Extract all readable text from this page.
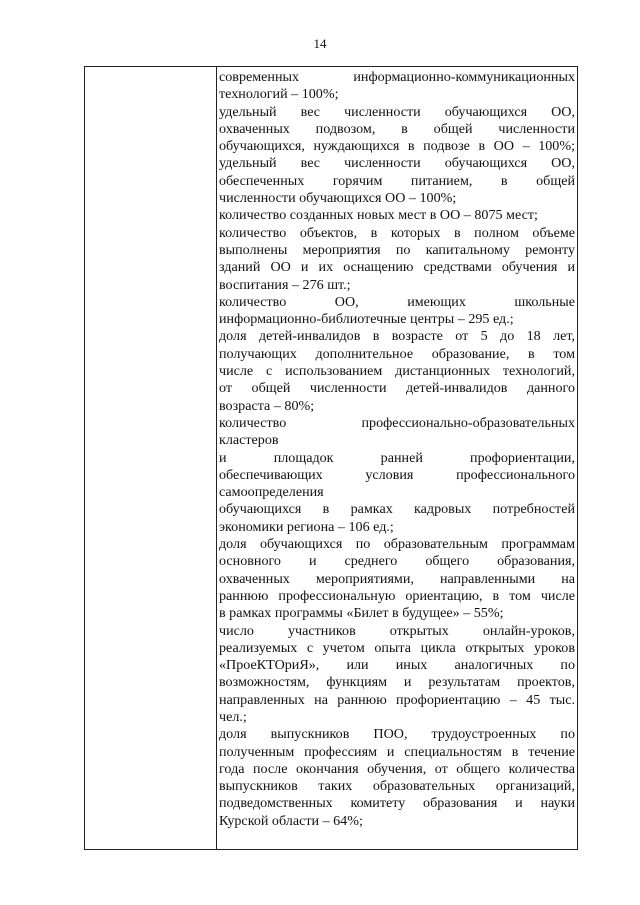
14
современных информационно-коммуникационных
технологий – 100%;
удельный вес численности обучающихся ОО,
охваченных подвозом, в общей численности
обучающихся, нуждающихся в подвозе в ОО – 100%;
удельный вес численности обучающихся ОО,
обеспеченных горячим питанием, в общей
численности обучающихся ОО – 100%;
количество созданных новых мест в ОО – 8075 мест;
количество объектов, в которых в полном объеме
выполнены мероприятия по капитальному ремонту
зданий ОО и их оснащению средствами обучения и
воспитания – 276 шт.;
количество ОО, имеющих школьные
информационно-библиотечные центры – 295 ед.;
доля детей-инвалидов в возрасте от 5 до 18 лет,
получающих дополнительное образование, в том
числе с использованием дистанционных технологий,
от общей численности детей-инвалидов данного
возраста – 80%;
количество профессионально-образовательных
кластеров
и площадок ранней профориентации,
обеспечивающих условия профессионального
самоопределения
обучающихся в рамках кадровых потребностей
экономики региона – 106 ед.;
доля обучающихся по образовательным программам
основного и среднего общего образования,
охваченных мероприятиями, направленными на
раннюю профессиональную ориентацию, в том числе
в рамках программы «Билет в будущее» – 55%;
число участников открытых онлайн-уроков,
реализуемых с учетом опыта цикла открытых уроков
«ПроеКТОриЯ», или иных аналогичных по
возможностям, функциям и результатам проектов,
направленных на раннюю профориентацию – 45 тыс.
чел.;
доля выпускников ПОО, трудоустроенных по
полученным профессиям и специальностям в течение
года после окончания обучения, от общего количества
выпускников таких образовательных организаций,
подведомственных комитету образования и науки
Курской области – 64%;
